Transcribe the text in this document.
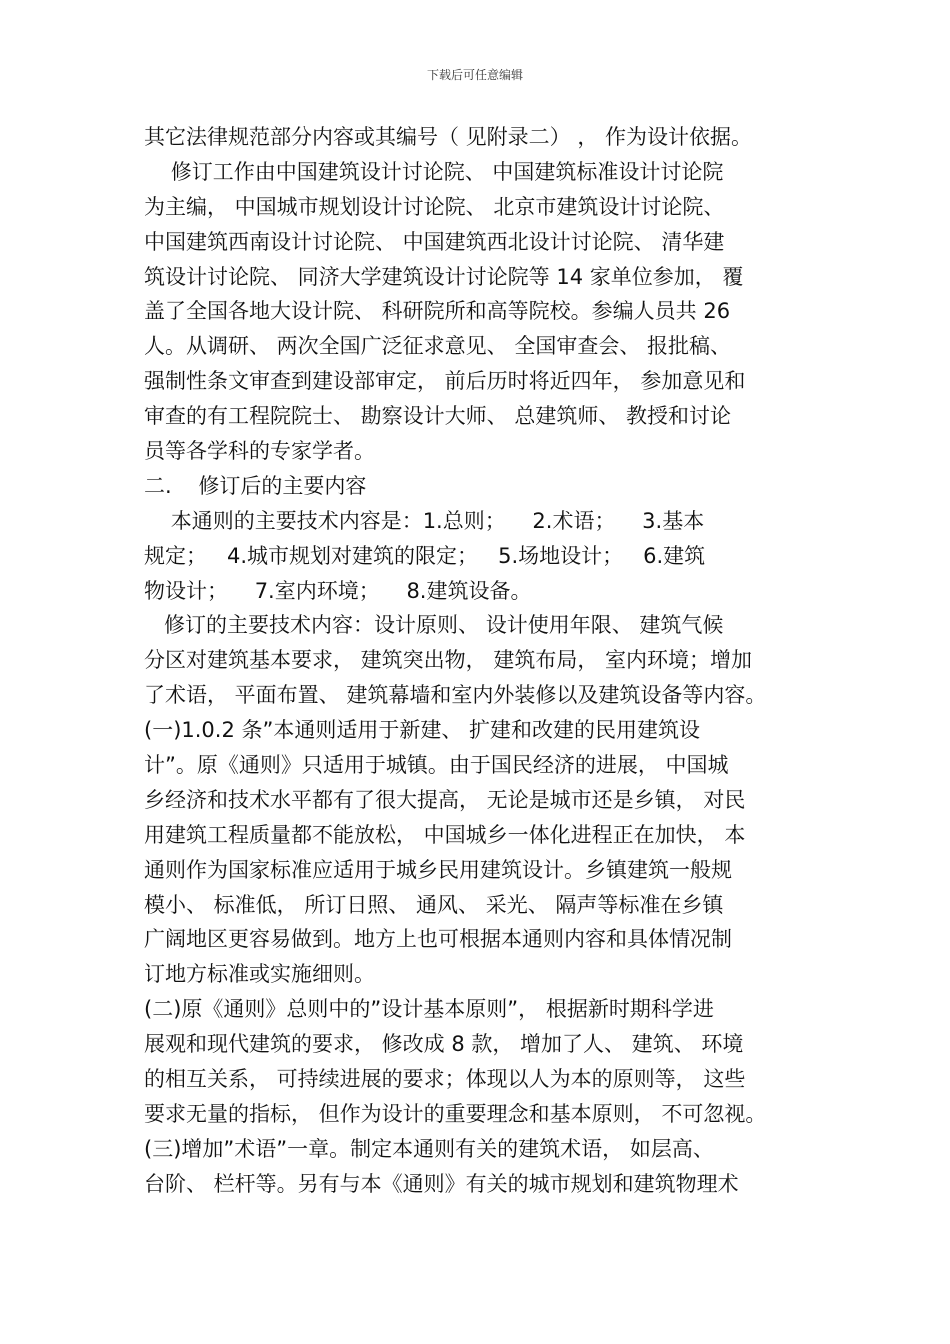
下载后可任意编辑
其它法律规范部分内容或其编号（ 见附录二） ， 作为设计依据。
修订工作由中国建筑设计讨论院、 中国建筑标准设计讨论院
为主编， 中国城市规划设计讨论院、 北京市建筑设计讨论院、
中国建筑西南设计讨论院、 中国建筑西北设计讨论院、 清华建
筑设计讨论院、 同济大学建筑设计讨论院等 14 家单位参加， 覆
盖了全国各地大设计院、 科研院所和高等院校。参编人员共 26
人。从调研、 两次全国广泛征求意见、 全国审查会、 报批稿、
强制性条文审查到建设部审定， 前后历时将近四年， 参加意见和
审查的有工程院院士、 勘察设计大师、 总建筑师、 教授和讨论
员等各学科的专家学者。
二.    修订后的主要内容
本通则的主要技术内容是：1.总则；    2.术语；    3.基本
规定；   4.城市规划对建筑的限定；   5.场地设计；   6.建筑
物设计；    7.室内环境；    8.建筑设备。
修订的主要技术内容：设计原则、 设计使用年限、 建筑气候
分区对建筑基本要求， 建筑突出物， 建筑布局， 室内环境；增加
了术语， 平面布置、 建筑幕墙和室内外装修以及建筑设备等内容。
(一)1.0.2 条”本通则适用于新建、 扩建和改建的民用建筑设
计”。原《通则》只适用于城镇。由于国民经济的进展， 中国城
乡经济和技术水平都有了很大提高， 无论是城市还是乡镇， 对民
用建筑工程质量都不能放松， 中国城乡一体化进程正在加快， 本
通则作为国家标准应适用于城乡民用建筑设计。乡镇建筑一般规
模小、 标准低， 所订日照、 通风、 采光、 隔声等标准在乡镇
广阔地区更容易做到。地方上也可根据本通则内容和具体情况制
订地方标准或实施细则。
(二)原《通则》总则中的”设计基本原则”， 根据新时期科学进
展观和现代建筑的要求， 修改成 8 款， 增加了人、 建筑、 环境
的相互关系， 可持续进展的要求；体现以人为本的原则等， 这些
要求无量的指标， 但作为设计的重要理念和基本原则， 不可忽视。
(三)增加”术语”一章。制定本通则有关的建筑术语， 如层高、
台阶、 栏杆等。另有与本《通则》有关的城市规划和建筑物理术
